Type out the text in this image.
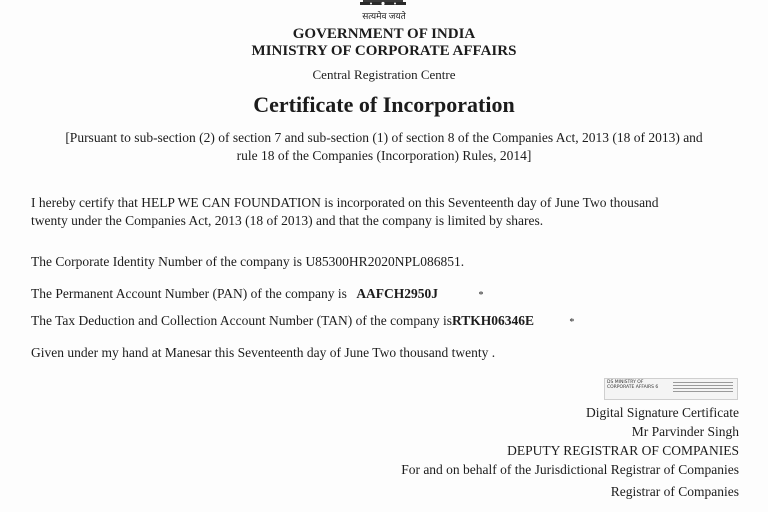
सत्यमेव जयते
GOVERNMENT OF INDIA
MINISTRY OF CORPORATE AFFAIRS
Central Registration Centre
Certificate of Incorporation
[Pursuant to sub-section (2) of section 7 and sub-section (1) of section 8 of the Companies Act, 2013 (18 of 2013) and
rule 18 of the Companies (Incorporation) Rules, 2014]
I hereby certify that HELP WE CAN FOUNDATION is incorporated on this Seventeenth day of June Two thousand
twenty under the Companies Act, 2013 (18 of 2013) and that the company is limited by shares.
The Corporate Identity Number of the company is U85300HR2020NPL086851.
The Permanent Account Number (PAN) of the company is AAFCH2950J	*
The Tax Deduction and Collection Account Number (TAN) of the company isRTKH06346E	*
Given under my hand at Manesar this Seventeenth day of June Two thousand twenty .
DS MINISTRY OF
CORPORATE AFFAIRS 6
Digital Signature Certificate
Mr Parvinder Singh
DEPUTY REGISTRAR OF COMPANIES
For and on behalf of the Jurisdictional Registrar of Companies
Registrar of Companies
